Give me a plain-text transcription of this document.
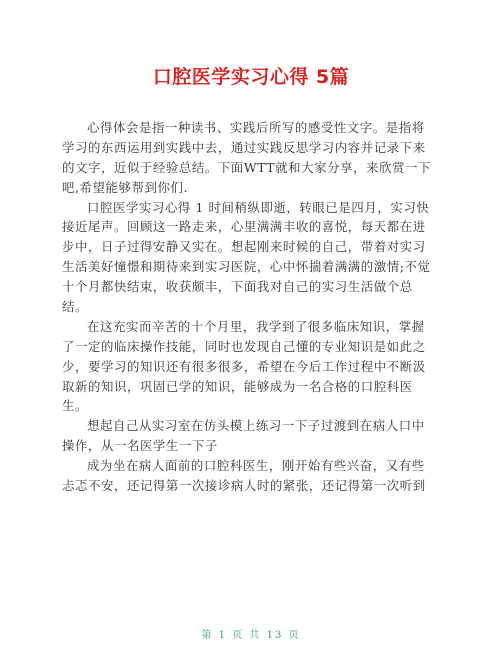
口腔医学实习心得 5篇
心得体会是指一种读书、实践后所写的感受性文字。是指将
学习的东西运用到实践中去，通过实践反思学习内容并记录下来
的文字，近似于经验总结。下面WTT就和大家分享，来欣赏一下
吧,希望能够帮到你们.
口腔医学实习心得 1 时间稍纵即逝，转眼已是四月，实习快
接近尾声。回顾这一路走来，心里满满丰收的喜悦，每天都在进
步中，日子过得安静又实在。想起刚来时候的自己，带着对实习
生活美好憧憬和期待来到实习医院，心中怀揣着满满的激情;不觉
十个月都快结束，收获颇丰，下面我对自己的实习生活做个总
结。
在这充实而辛苦的十个月里，我学到了很多临床知识，掌握
了一定的临床操作技能，同时也发现自己懂的专业知识是如此之
少，要学习的知识还有很多很多，希望在今后工作过程中不断汲
取新的知识，巩固已学的知识，能够成为一名合格的口腔科医
生。
想起自己从实习室在仿头模上练习一下子过渡到在病人口中
操作，从一名医学生一下子
成为坐在病人面前的口腔科医生，刚开始有些兴奋，又有些
忐忑不安，还记得第一次接诊病人时的紧张，还记得第一次听到
第 1 页 共 13 页
